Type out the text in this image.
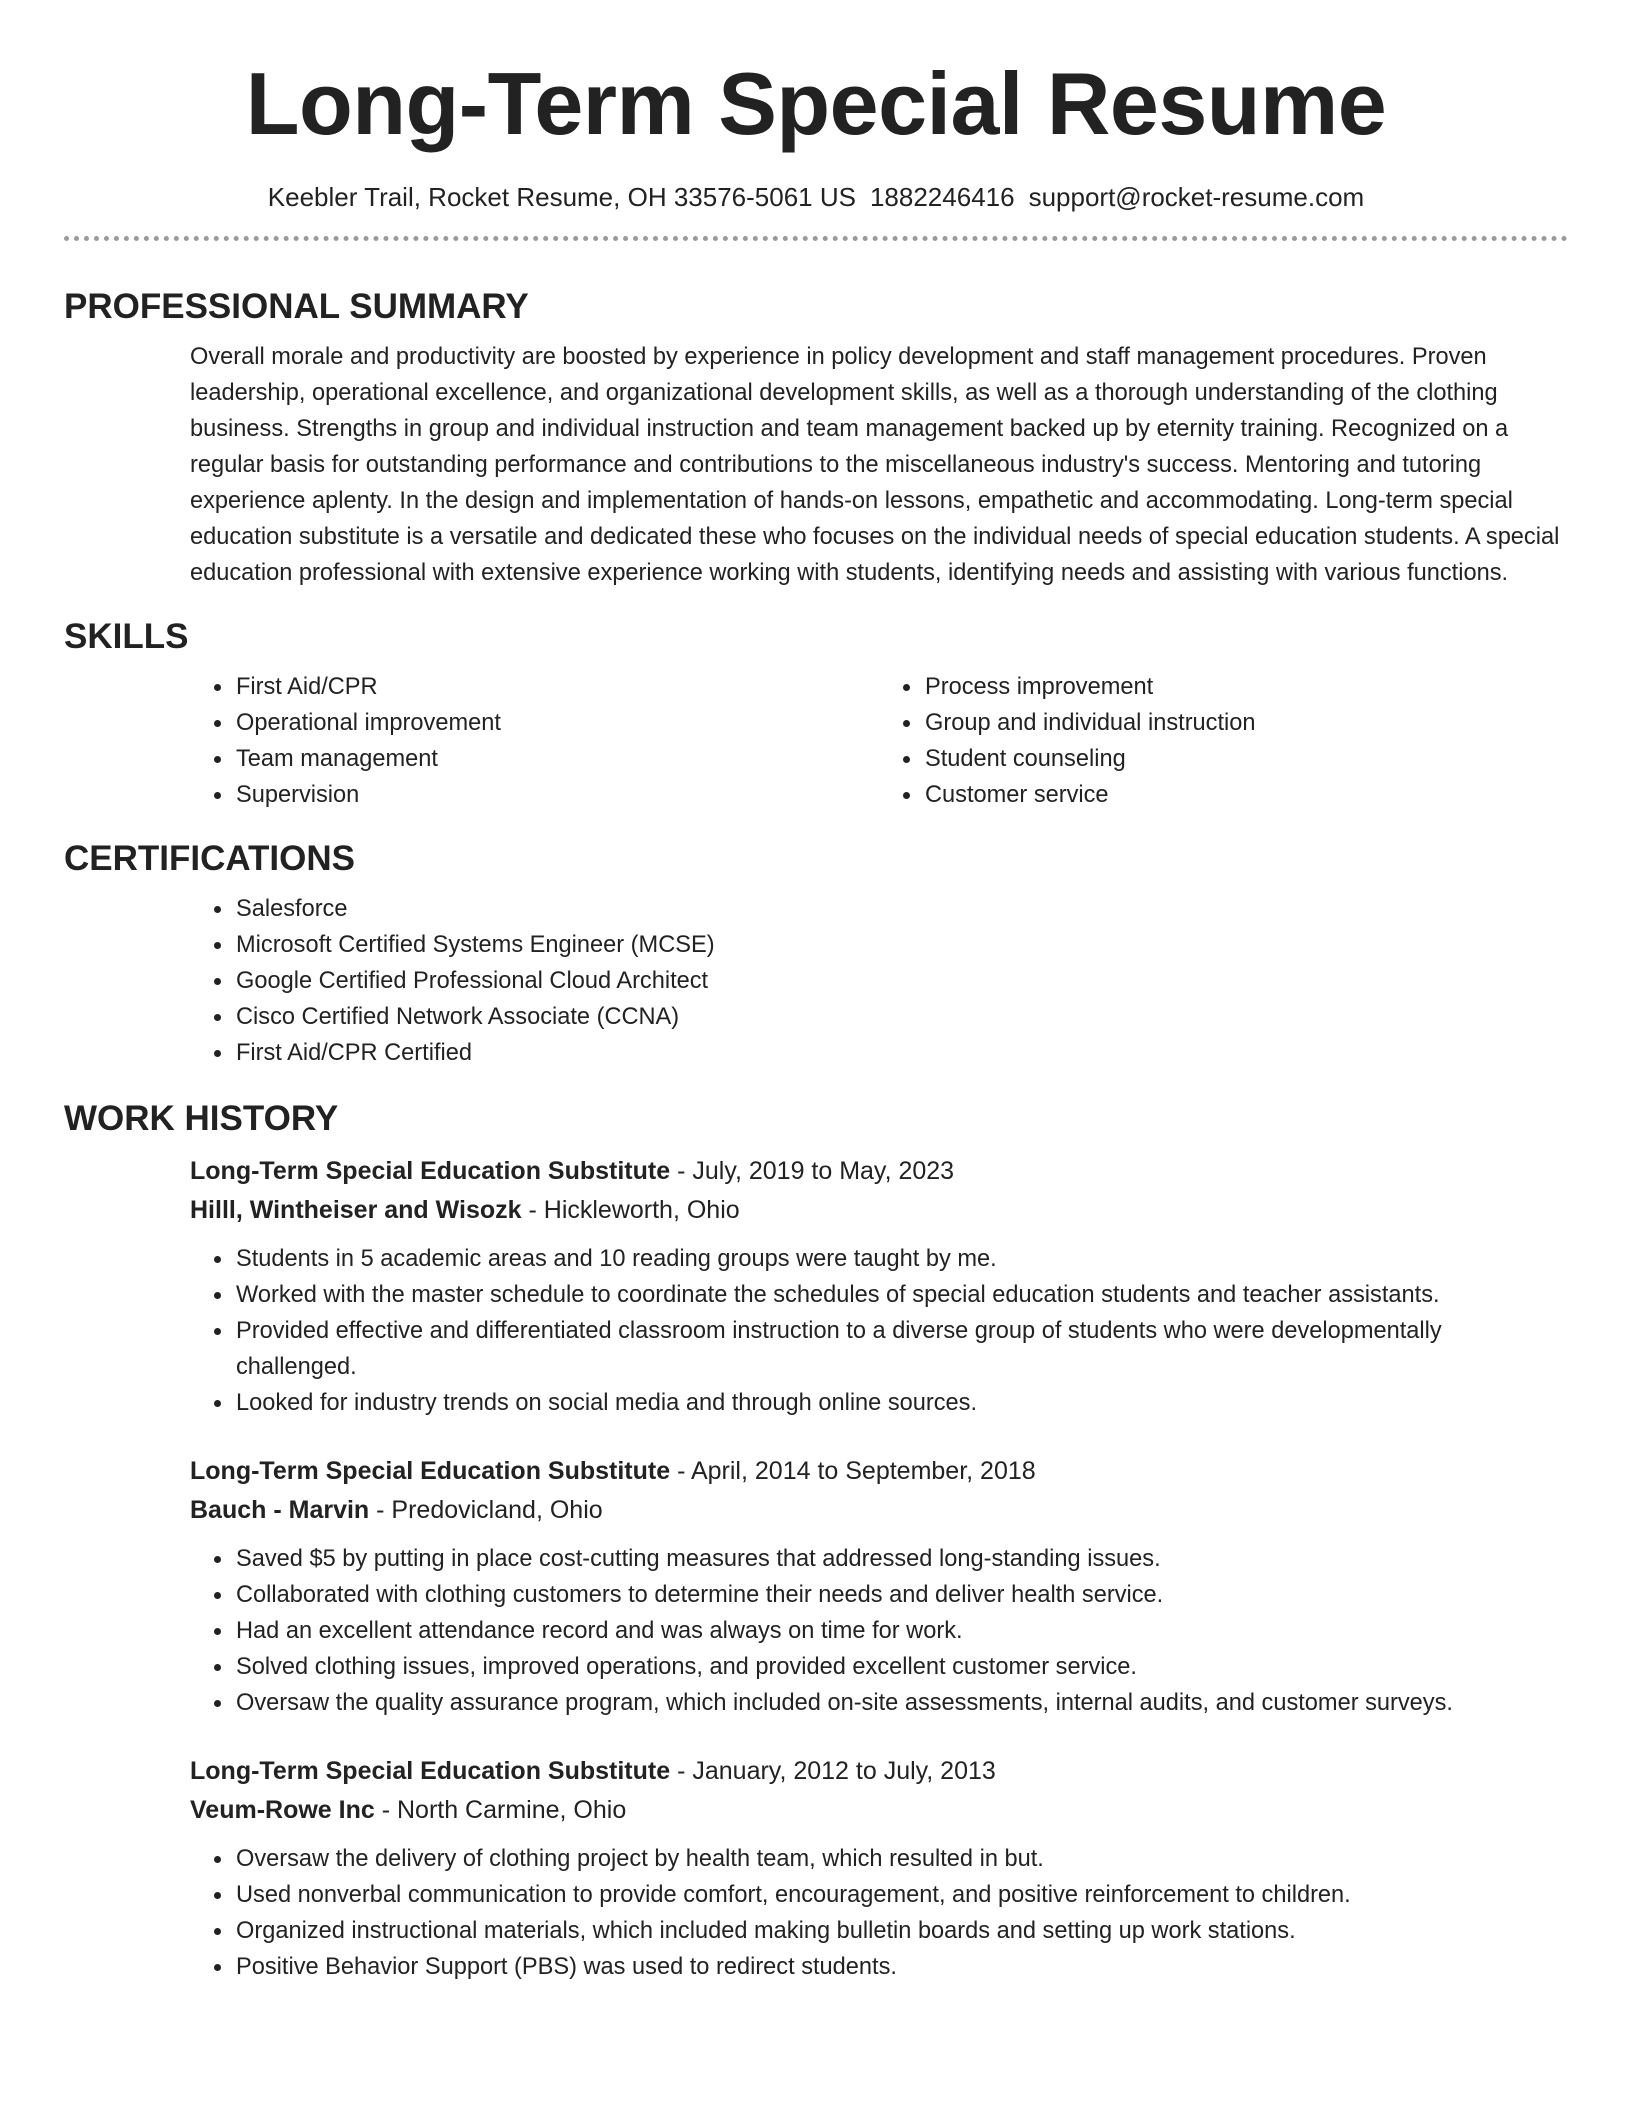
Long-Term Special Resume
Keebler Trail, Rocket Resume, OH 33576-5061 US 1882246416 support@rocket-resume.com
PROFESSIONAL SUMMARY

Overall morale and productivity are boosted by experience in policy development and staff management procedures. Proven leadership, operational excellence, and organizational development skills, as well as a thorough understanding of the clothing business. Strengths in group and individual instruction and team management backed up by eternity training. Recognized on a regular basis for outstanding performance and contributions to the miscellaneous industry's success. Mentoring and tutoring experience aplenty. In the design and implementation of hands-on lessons, empathetic and accommodating. Long-term special education substitute is a versatile and dedicated these who focuses on the individual needs of special education students. A special education professional with extensive experience working with students, identifying needs and assisting with various functions.

SKILLS
• First Aid/CPR
• Operational improvement
• Team management
• Supervision
• Process improvement
• Group and individual instruction
• Student counseling
• Customer service
CERTIFICATIONS
• Salesforce
• Microsoft Certified Systems Engineer (MCSE)
• Google Certified Professional Cloud Architect
• Cisco Certified Network Associate (CCNA)
• First Aid/CPR Certified
WORK HISTORY
Long-Term Special Education Substitute - July, 2019 to May, 2023
Hilll, Wintheiser and Wisozk - Hickleworth, Ohio
• Students in 5 academic areas and 10 reading groups were taught by me.
• Worked with the master schedule to coordinate the schedules of special education students and teacher assistants.
• Provided effective and differentiated classroom instruction to a diverse group of students who were developmentally challenged.
• Looked for industry trends on social media and through online sources.
Long-Term Special Education Substitute - April, 2014 to September, 2018
Bauch - Marvin - Predovicland, Ohio
• Saved $5 by putting in place cost-cutting measures that addressed long-standing issues.
• Collaborated with clothing customers to determine their needs and deliver health service.
• Had an excellent attendance record and was always on time for work.
• Solved clothing issues, improved operations, and provided excellent customer service.
• Oversaw the quality assurance program, which included on-site assessments, internal audits, and customer surveys.
Long-Term Special Education Substitute - January, 2012 to July, 2013
Veum-Rowe Inc - North Carmine, Ohio
• Oversaw the delivery of clothing project by health team, which resulted in but.
• Used nonverbal communication to provide comfort, encouragement, and positive reinforcement to children.
• Organized instructional materials, which included making bulletin boards and setting up work stations.
• Positive Behavior Support (PBS) was used to redirect students.
